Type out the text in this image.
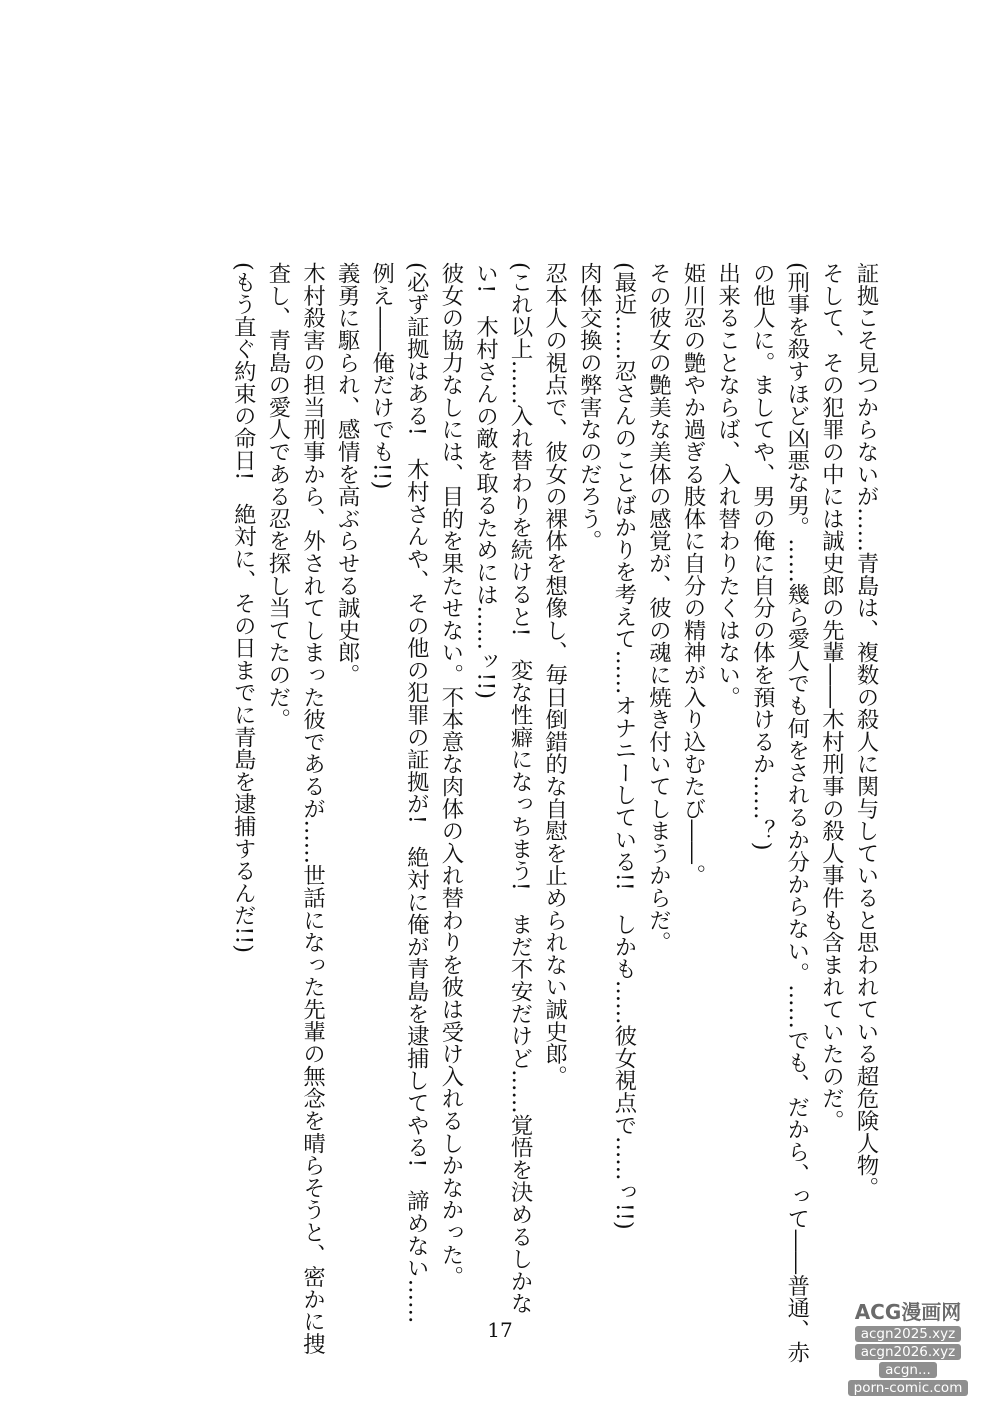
証拠こそ見つからないが……青島は、複数の殺人に関与していると思われている超危険人物。

そして、その犯罪の中には誠史郎の先輩――木村刑事の殺人事件も含まれていたのだ。

(刑事を殺すほど凶悪な男。……幾ら愛人でも何をされるか分からない。……でも、だから、って――普通、赤

の他人に。ましてや、男の俺に自分の体を預けるか……？)

出来ることならば、入れ替わりたくはない。

姫川忍の艶やか過ぎる肢体に自分の精神が入り込むたび――。

その彼女の艶美な美体の感覚が、彼の魂に焼き付いてしまうからだ。

(最近……忍さんのことばかりを考えて……オナニーしている!!　しかも……彼女視点で……っ!!)

肉体交換の弊害なのだろう。

忍本人の視点で、彼女の裸体を想像し、毎日倒錯的な自慰を止められない誠史郎。

(これ以上……入れ替わりを続けると!　変な性癖になっちまう!　まだ不安だけど……覚悟を決めるしかな

い!　木村さんの敵を取るためには……ッ!!)

彼女の協力なしには、目的を果たせない。不本意な肉体の入れ替わりを彼は受け入れるしかなかった。

(必ず証拠はある!　木村さんや、その他の犯罪の証拠が!　絶対に俺が青島を逮捕してやる!　諦めない……

例え――俺だけでも!!)

義勇に駆られ、感情を高ぶらせる誠史郎。

木村殺害の担当刑事から、外されてしまった彼であるが……世話になった先輩の無念を晴らそうと、密かに捜

査し、青島の愛人である忍を探し当てたのだ。

(もう直ぐ約束の命日!　絶対に、その日までに青島を逮捕するんだ!!)

17
ACG漫画网
acgn2025.xyz
acgn2026.xyz
acgn...
porn-comic.com
